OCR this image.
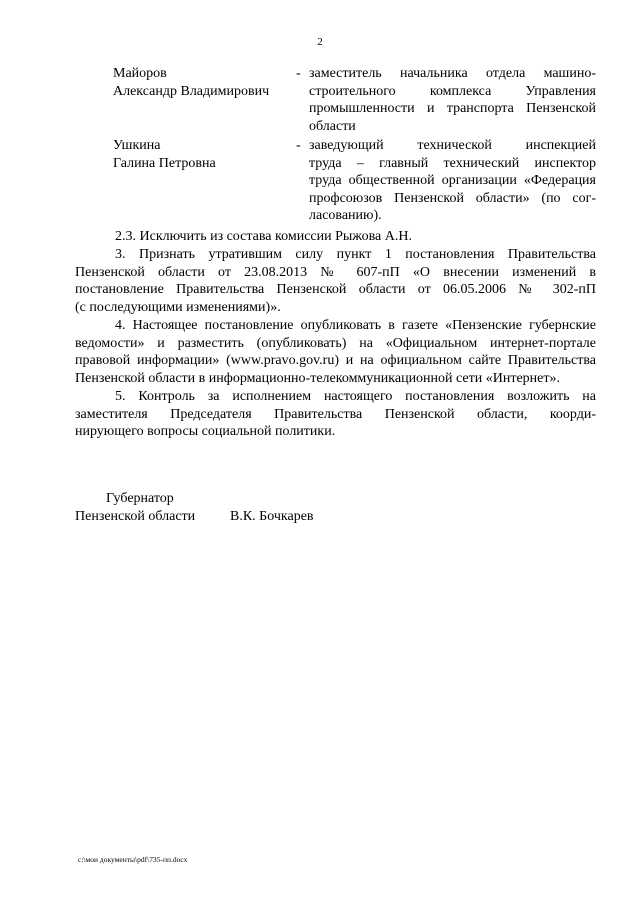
2
Майоров
Александр Владимирович
- заместитель начальника отдела машино-
строительного комплекса Управления
промышленности и транспорта Пензенской
области
Ушкина
Галина Петровна
- заведующий технической инспекцией
труда – главный технический инспектор
труда общественной организации «Федерация
профсоюзов Пензенской области» (по сог-
ласованию).
2.3. Исключить из состава комиссии Рыжова А.Н.
3. Признать утратившим силу пункт 1 постановления Правительства
Пензенской области от 23.08.2013 № 607-пП «О внесении изменений в
постановление Правительства Пензенской области от 06.05.2006 № 302-пП
(с последующими изменениями)».
4. Настоящее постановление опубликовать в газете «Пензенские губернские
ведомости» и разместить (опубликовать) на «Официальном интернет-портале
правовой информации» (www.pravo.gov.ru) и на официальном сайте Правительства
Пензенской области в информационно-телекоммуникационной сети «Интернет».
5. Контроль за исполнением настоящего постановления возложить на
заместителя Председателя Правительства Пензенской области, коорди-
нирующего вопросы социальной политики.
Губернатор
Пензенской области В.К. Бочкарев
c:\мои документы\pdf\735-пп.docx
